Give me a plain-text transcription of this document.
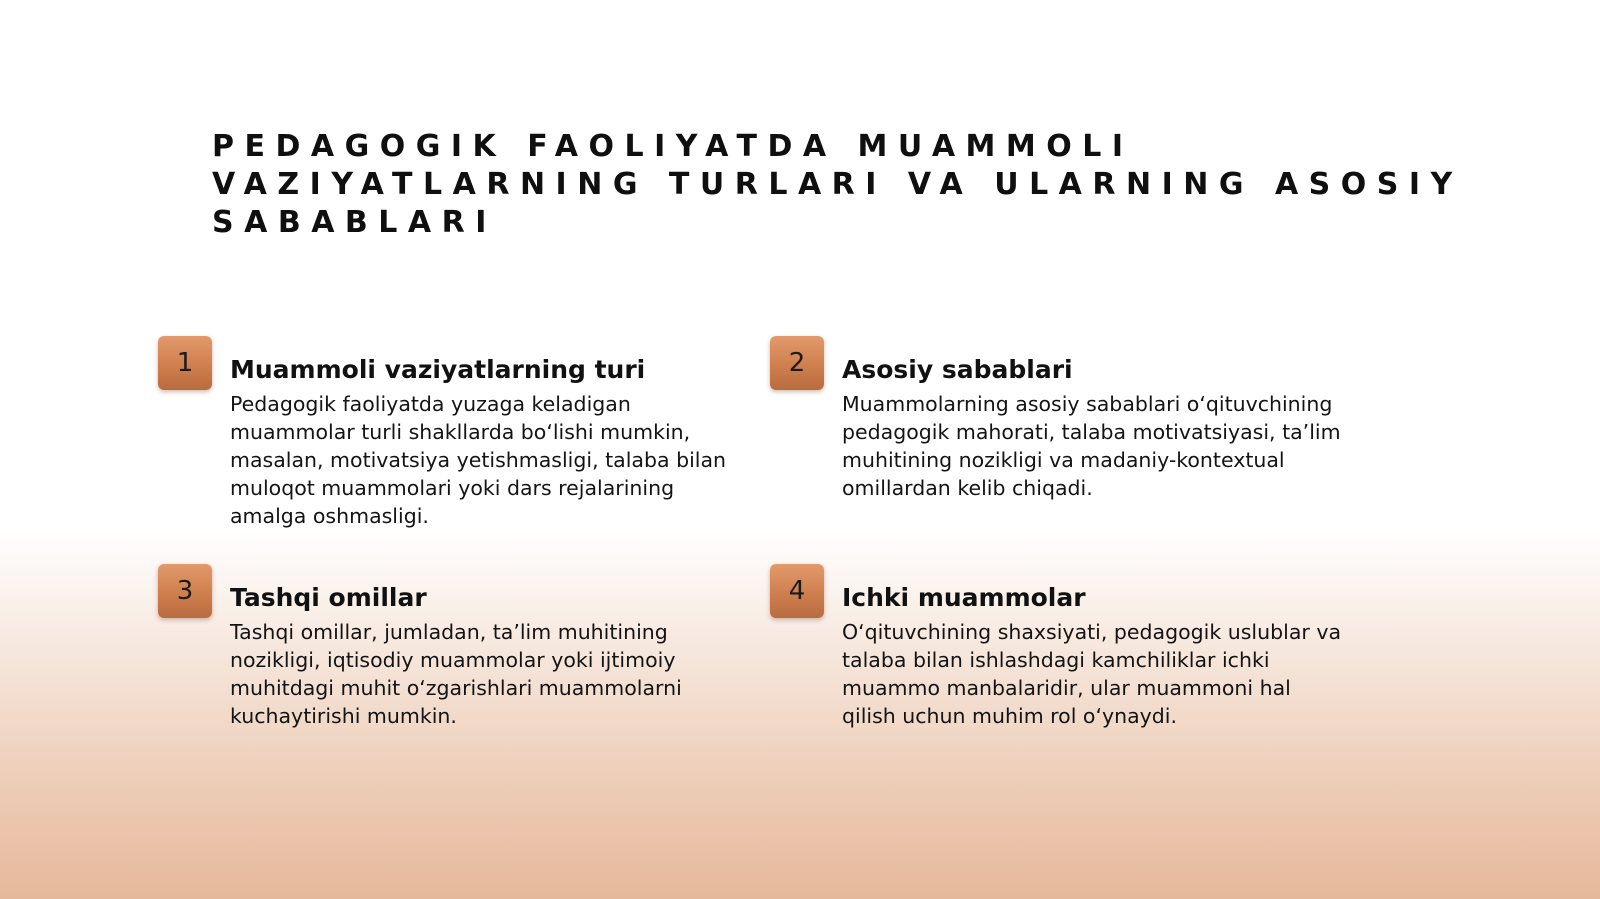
PEDAGOGIK FAOLIYATDA MUAMMOLI
VAZIYATLARNING TURLARI VA ULARNING ASOSIY
SABABLARI
1	Muammoli vaziyatlarning turi

Pedagogik faoliyatda yuzaga keladigan
muammolar turli shakllarda bo‘lishi mumkin,
masalan, motivatsiya yetishmasligi, talaba bilan
muloqot muammolari yoki dars rejalarining
amalga oshmasligi.

2	Asosiy sabablari

Muammolarning asosiy sabablari o‘qituvchining
pedagogik mahorati, talaba motivatsiyasi, ta’lim
muhitining nozikligi va madaniy-kontextual
omillardan kelib chiqadi.

3	Tashqi omillar

Tashqi omillar, jumladan, ta’lim muhitining
nozikligi, iqtisodiy muammolar yoki ijtimoiy
muhitdagi muhit o‘zgarishlari muammolarni
kuchaytirishi mumkin.

4	Ichki muammolar

O‘qituvchining shaxsiyati, pedagogik uslublar va
talaba bilan ishlashdagi kamchiliklar ichki
muammo manbalaridir, ular muammoni hal
qilish uchun muhim rol o‘ynaydi.
